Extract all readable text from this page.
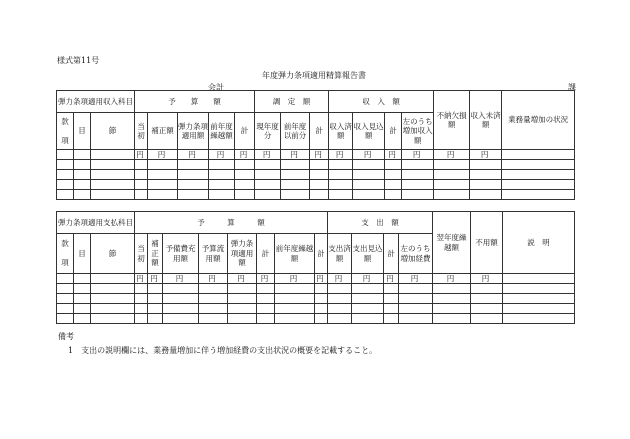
様式第11号
年度弾力条項適用精算報告書
会計	課
弾力条項適用収入科目			予　　算　　額					調　定　額			収　入　額				不納欠損額	収入未済額	業務量増加の状況
款

項	目	節	当初	補正額	弾力条項適用額	前年度繰越額	計	現年度分	前年度以前分	計	収入済額	収入見込額	計	左のうち増加収入額			
			円	円	円	円	円	円	円	円	円	円	円	円	円	円	

弾力条項適用支払科目			予　　　算　　　額								支　出　額				翌年度繰越額	不用額	説　明
款

項	目	節	当初	補正額	予備費充用額	予算流用額	弾力条項適用額	計	前年度繰越額	計	支出済額	支出見込額	計	左のうち増加経費			
			円	円	円	円	円	円	円	円	円	円	円	円	円	円	

備考
1　支出の説明欄には、業務量増加に伴う増加経費の支出状況の概要を記載すること。
